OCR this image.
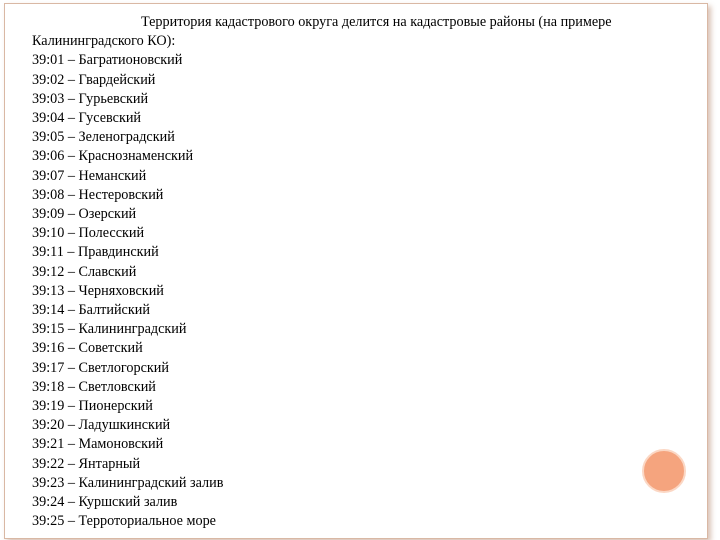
Территория кадастрового округа делится на кадастровые районы (на примере Калининградского КО):

39:01 – Багратионовский
39:02 – Гвардейский
39:03 – Гурьевский
39:04 – Гусевский
39:05 – Зеленоградский
39:06 – Краснознаменский
39:07 – Неманский
39:08 – Нестеровский
39:09 – Озерский
39:10 – Полесский
39:11 – Правдинский
39:12 – Славский
39:13 – Черняховский
39:14 – Балтийский
39:15 – Калининградский
39:16 – Советский
39:17 – Светлогорский
39:18 – Светловский
39:19 – Пионерский
39:20 – Ладушкинский
39:21 – Мамоновский
39:22 – Янтарный
39:23 – Калининградский залив
39:24 – Куршский залив
39:25 – Терроториальное море
